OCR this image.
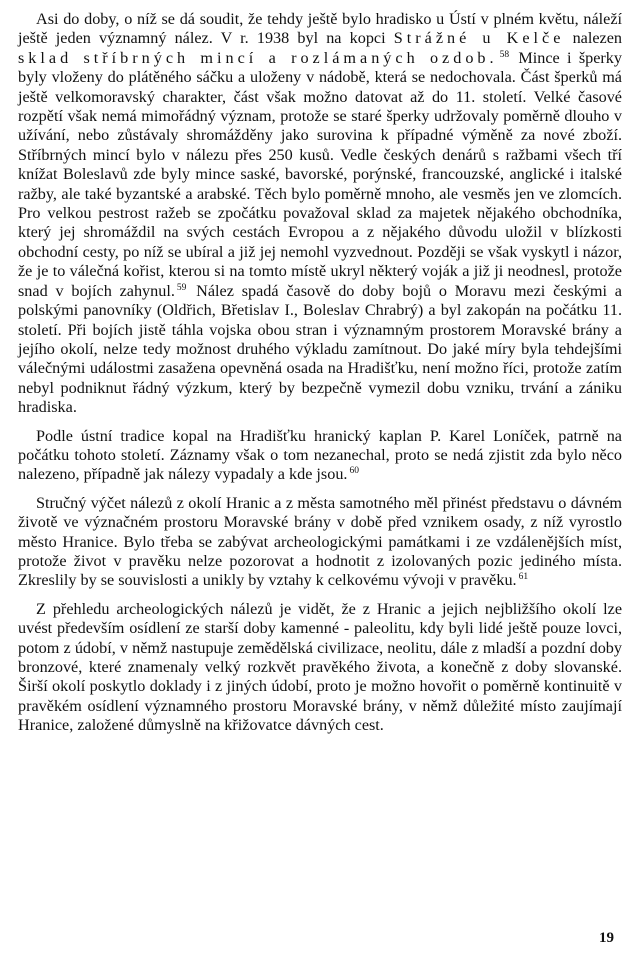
Asi do doby, o níž se dá soudit, že tehdy ještě bylo hradisko u Ústí v plném květu, náleží ještě jeden významný nález. V r. 1938 byl na kopci Strážné u Kelče nalezen sklad stříbrných mincí a rozlámaných ozdob. $^{58}$ Mince i šperky byly vloženy do plátěného sáčku a uloženy v nádobě, která se nedochovala. Část šperků má ještě velkomoravský charakter, část však možno datovat až do 11. století. Velké časové rozpětí však nemá mimořádný význam, protože se staré šperky udržovaly poměrně dlouho v užívání, nebo zůstávaly shromážděny jako surovina k případné výměně za nové zboží. Stříbrných mincí bylo v nálezu přes 250 kusů. Vedle českých denárů s ražbami všech tří knížat Boleslavů zde byly mince saské, bavorské, porýnské, francouzské, anglické i italské ražby, ale také byzantské a arabské. Těch bylo poměrně mnoho, ale vesměs jen ve zlomcích. Pro velkou pestrost ražeb se zpočátku považoval sklad za majetek nějakého obchodníka, který jej shromáždil na svých cestách Evropou a z nějakého důvodu uložil v blízkosti obchodní cesty, po níž se ubíral a již jej nemohl vyzvednout. Později se však vyskytl i názor, že je to válečná kořist, kterou si na tomto místě ukryl některý voják a již ji neodnesl, protože snad v bojích zahynul. $^{59}$ Nález spadá časově do doby bojů o Moravu mezi českými a polskými panovníky (Oldřich, Břetislav I., Boleslav Chrabrý) a byl zakopán na počátku 11. století. Při bojích jistě táhla vojska obou stran i významným prostorem Moravské brány a jejího okolí, nelze tedy možnost druhého výkladu zamítnout. Do jaké míry byla tehdejšími válečnými událostmi zasažena opevněná osada na Hradišťku, není možno říci, protože zatím nebyl podniknut řádný výzkum, který by bezpečně vymezil dobu vzniku, trvání a zániku hradiska.

Podle ústní tradice kopal na Hradišťku hranický kaplan P. Karel Loníček, patrně na počátku tohoto století. Záznamy však o tom nezanechal, proto se nedá zjistit zda bylo něco nalezeno, případně jak nálezy vypadaly a kde jsou. $^{60}$

Stručný výčet nálezů z okolí Hranic a z města samotného měl přinést představu o dávném životě ve význačném prostoru Moravské brány v době před vznikem osady, z níž vyrostlo město Hranice. Bylo třeba se zabývat archeologickými památkami i ze vzdálenějších míst, protože život v pravěku nelze pozorovat a hodnotit z izolovaných pozic jediného místa. Zkreslily by se souvislosti a unikly by vztahy k celkovému vývoji v pravěku. $^{61}$

Z přehledu archeologických nálezů je vidět, že z Hranic a jejich nejbližšího okolí lze uvést především osídlení ze starší doby kamenné - paleolitu, kdy byli lidé ještě pouze lovci, potom z údobí, v němž nastupuje zemědělská civilizace, neolitu, dále z mladší a pozdní doby bronzové, které znamenaly velký rozkvět pravěkého života, a konečně z doby slovanské. Širší okolí poskytlo doklady i z jiných údobí, proto je možno hovořit o poměrně kontinuitě v pravěkém osídlení významného prostoru Moravské brány, v němž důležité místo zaujímají Hranice, založené důmyslně na křižovatce dávných cest.

19
